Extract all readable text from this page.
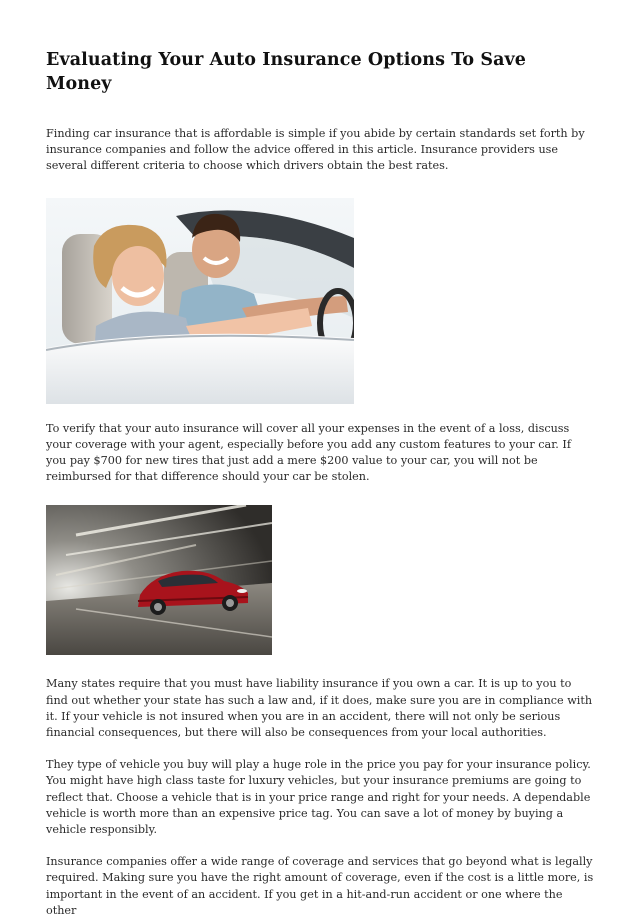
Evaluating Your Auto Insurance Options To Save Money

Finding car insurance that is affordable is simple if you abide by certain standards set forth by insurance companies and follow the advice offered in this article. Insurance providers use several different criteria to choose which drivers obtain the best rates.

To verify that your auto insurance will cover all your expenses in the event of a loss, discuss your coverage with your agent, especially before you add any custom features to your car. If you pay $700 for new tires that just add a mere $200 value to your car, you will not be reimbursed for that difference should your car be stolen.

Many states require that you must have liability insurance if you own a car. It is up to you to find out whether your state has such a law and, if it does, make sure you are in compliance with it. If your vehicle is not insured when you are in an accident, there will not only be serious financial consequences, but there will also be consequences from your local authorities.

They type of vehicle you buy will play a huge role in the price you pay for your insurance policy. You might have high class taste for luxury vehicles, but your insurance premiums are going to reflect that. Choose a vehicle that is in your price range and right for your needs. A dependable vehicle is worth more than an expensive price tag. You can save a lot of money by buying a vehicle responsibly.

Insurance companies offer a wide range of coverage and services that go beyond what is legally required. Making sure you have the right amount of coverage, even if the cost is a little more, is important in the event of an accident. If you get in a hit-and-run accident or one where the other
